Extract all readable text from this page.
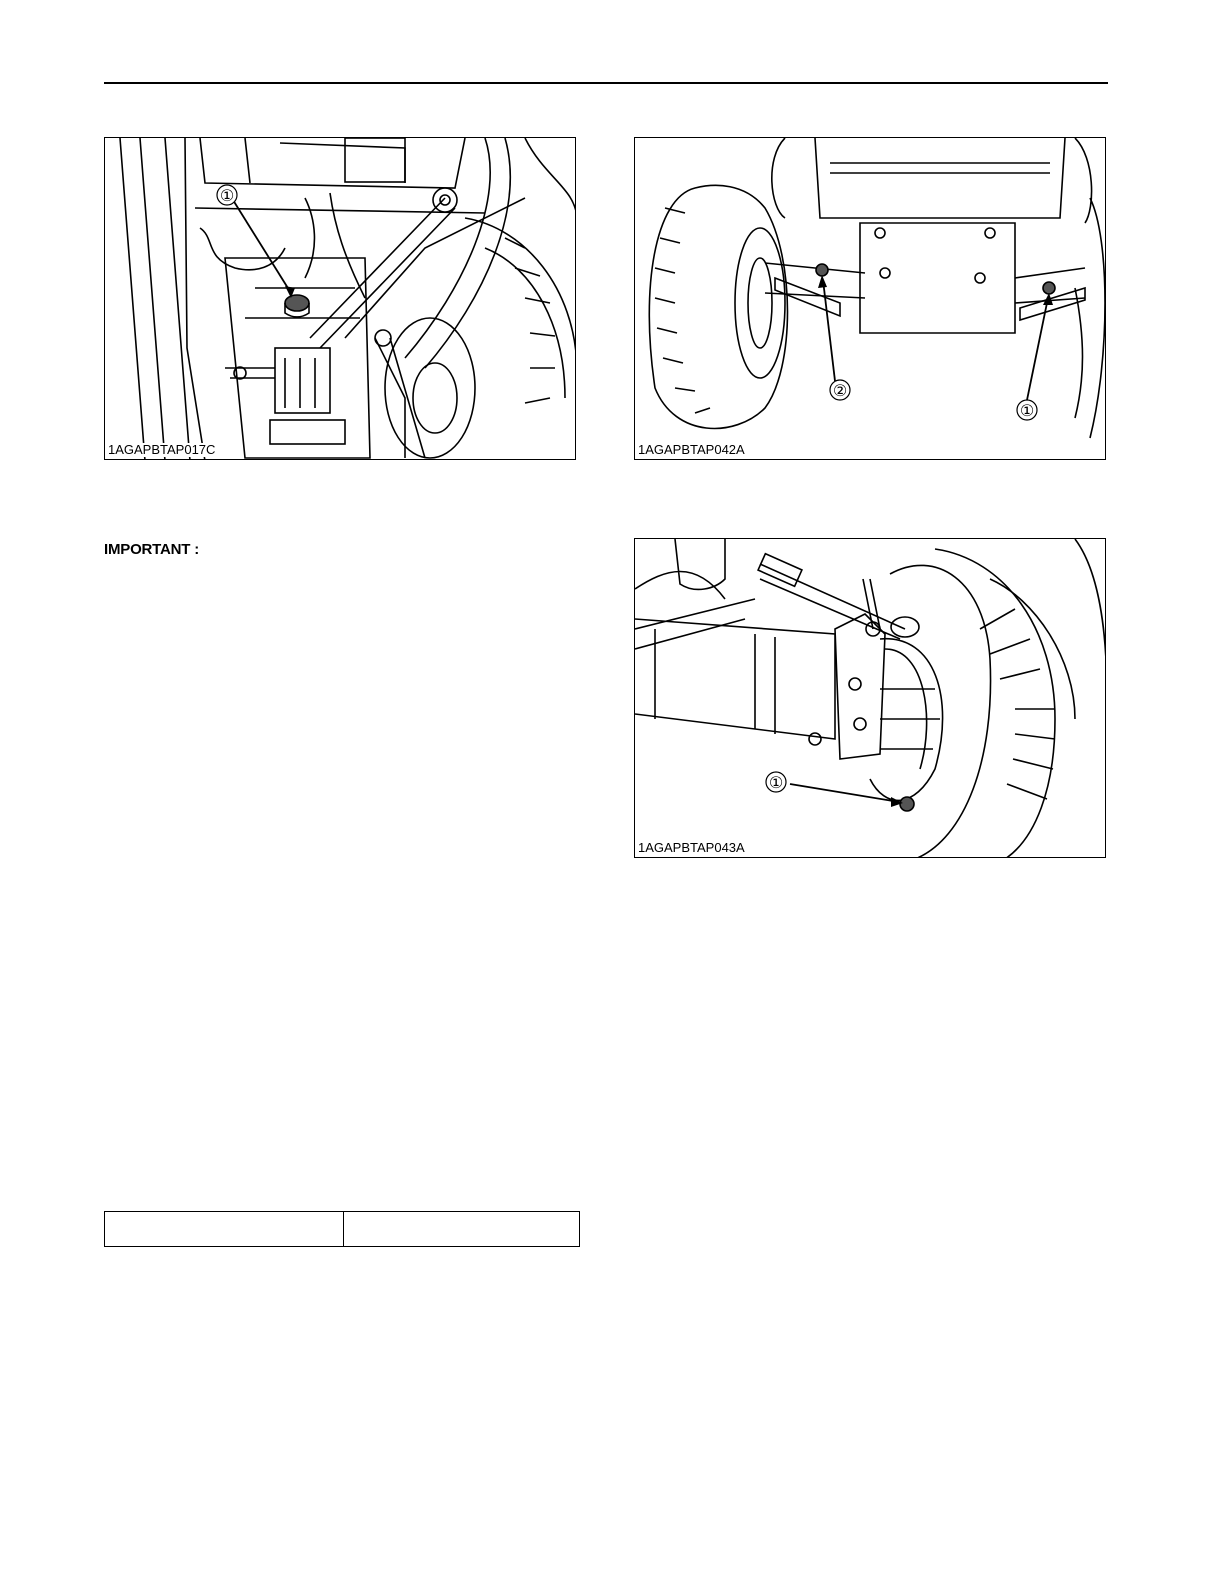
①
1AGAPBTAP017C
②
①
1AGAPBTAP042A
IMPORTANT :
①
1AGAPBTAP043A
